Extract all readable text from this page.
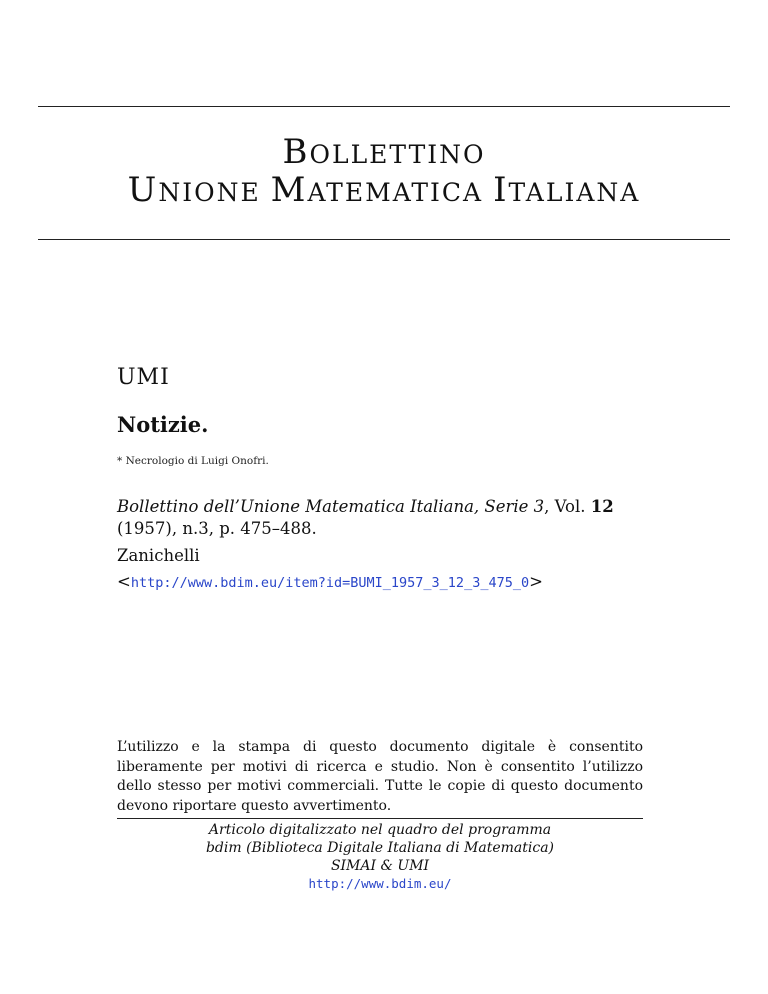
BOLLETTINO
UNIONE MATEMATICA ITALIANA
UMI
Notizie.
* Necrologio di Luigi Onofri.
Bollettino dell’Unione Matematica Italiana, Serie 3, Vol. 12
(1957), n.3, p. 475–488.
Zanichelli
<http://www.bdim.eu/item?id=BUMI_1957_3_12_3_475_0>
L’utilizzo e la stampa di questo documento digitale è consentito liberamente per motivi di ricerca e studio. Non è consentito l’utilizzo dello stesso per motivi commerciali. Tutte le copie di questo documento devono riportare questo avvertimento.
Articolo digitalizzato nel quadro del programma
bdim (Biblioteca Digitale Italiana di Matematica)
SIMAI & UMI
http://www.bdim.eu/
